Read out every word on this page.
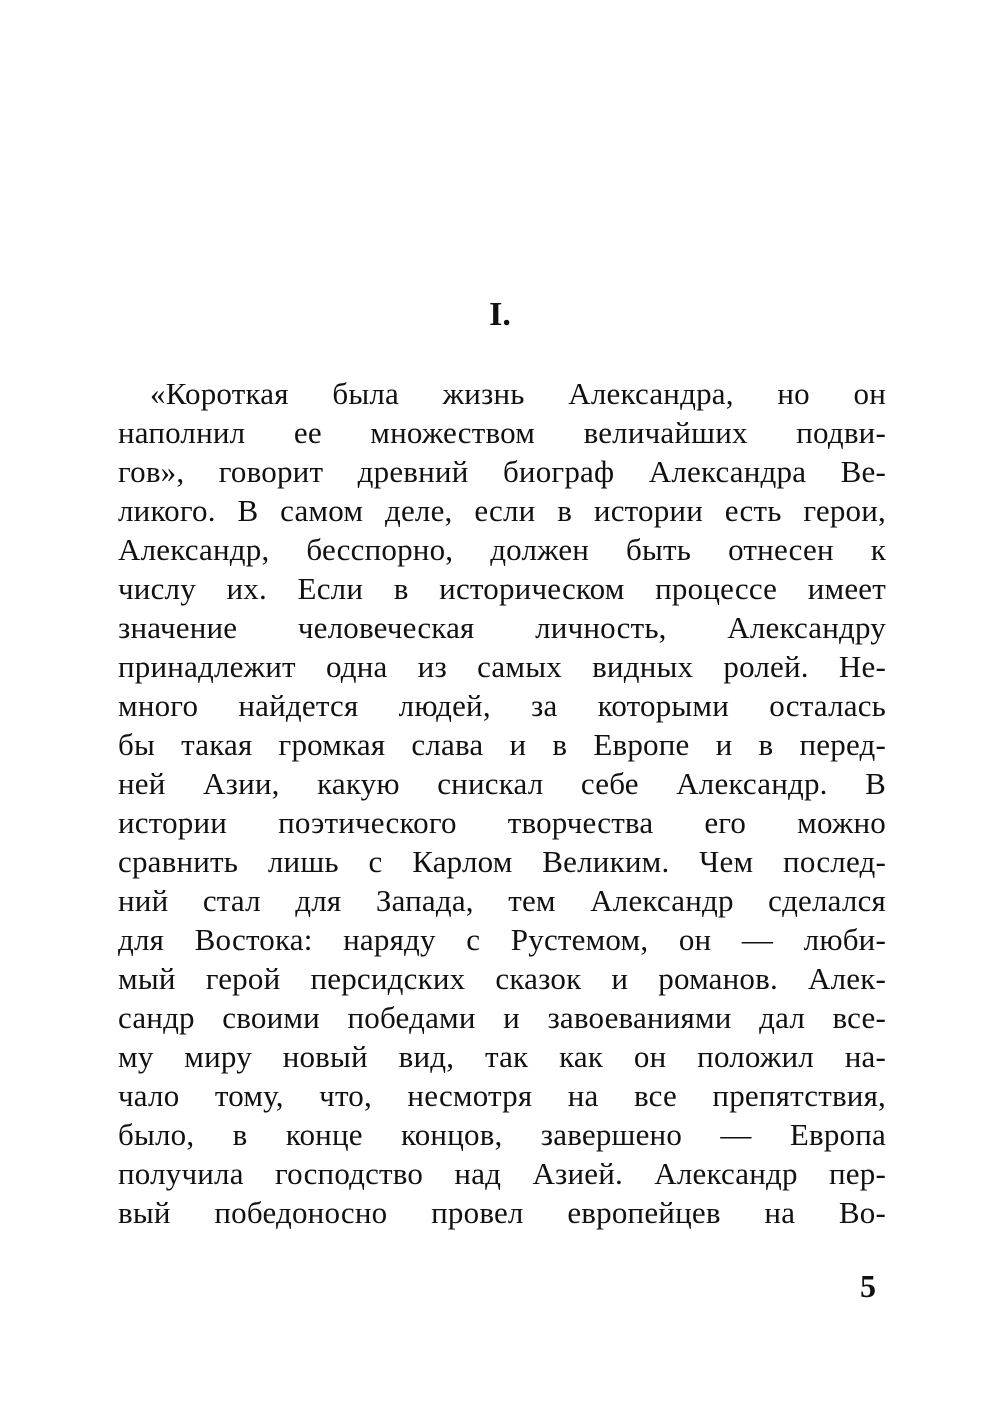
I.
«Короткая была жизнь Александра, но он
наполнил ее множеством величайших подви-
гов», говорит древний биограф Александра Ве-
ликого. В самом деле, если в истории есть герои,
Александр, бесспорно, должен быть отнесен к
числу их. Если в историческом процессе имеет
значение человеческая личность, Александру
принадлежит одна из самых видных ролей. Не-
много найдется людей, за которыми осталась
бы такая громкая слава и в Европе и в перед-
ней Азии, какую снискал себе Александр. В
истории поэтического творчества его можно
сравнить лишь с Карлом Великим. Чем послед-
ний стал для Запада, тем Александр сделался
для Востока: наряду с Рустемом, он — люби-
мый герой персидских сказок и романов. Алек-
сандр своими победами и завоеваниями дал все-
му миру новый вид, так как он положил на-
чало тому, что, несмотря на все препятствия,
было, в конце концов, завершено — Европа
получила господство над Азией. Александр пер-
вый победоносно провел европейцев на Во-
5
